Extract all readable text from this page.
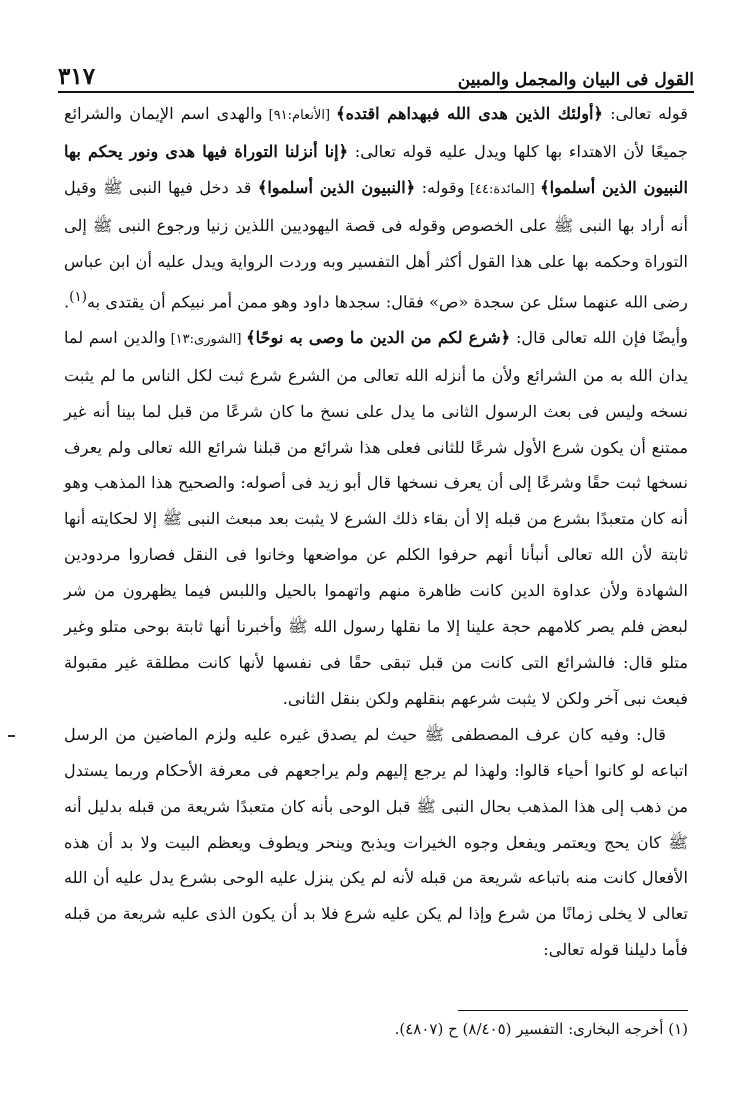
٣١٧	القول فى البيان والمجمل والمبين

قوله تعالى: ﴿أولئك الذين هدى الله فبهداهم اقتده﴾ [الأنعام:٩١] والهدى اسم الإيمان والشرائع جميعًا لأن الاهتداء بها كلها ويدل عليه قوله تعالى: ﴿إنا أنزلنا التوراة فيها هدى ونور يحكم بها النبيون الذين أسلموا﴾ [المائدة:٤٤] وقوله: ﴿النبيون الذين أسلموا﴾ قد دخل فيها النبى ﷺ وقيل أنه أراد بها النبى ﷺ على الخصوص وقوله فى قصة اليهوديين اللذين زنيا ورجوع النبى ﷺ إلى التوراة وحكمه بها على هذا القول أكثر أهل التفسير وبه وردت الرواية ويدل عليه أن ابن عباس رضى الله عنهما سئل عن سجدة «ص» فقال: سجدها داود وهو ممن أمر نبيكم أن يقتدى به$^{(١)}$. وأيضًا فإن الله تعالى قال: ﴿شرع لكم من الدين ما وصى به نوحًا﴾ [الشورى:١٣] والدين اسم لما يدان الله به من الشرائع ولأن ما أنزله الله تعالى من الشرع شرع ثبت لكل الناس ما لم يثبت نسخه وليس فى بعث الرسول الثانى ما يدل على نسخ ما كان شرعًا من قبل لما بينا أنه غير ممتنع أن يكون شرع الأول شرعًا للثانى فعلى هذا شرائع من قبلنا شرائع الله تعالى ولم يعرف نسخها ثبت حقًا وشرعًا إلى أن يعرف نسخها قال أبو زيد فى أصوله: والصحيح هذا المذهب وهو أنه كان متعبدًا بشرع من قبله إلا أن بقاء ذلك الشرع لا يثبت بعد مبعث النبى ﷺ إلا لحكايته أنها ثابتة لأن الله تعالى أنبأنا أنهم حرفوا الكلم عن مواضعها وخانوا فى النقل فصاروا مردودين الشهادة ولأن عداوة الدين كانت ظاهرة منهم واتهموا بالحيل واللبس فيما يظهرون من شر لبعض فلم يصر كلامهم حجة علينا إلا ما نقلها رسول الله ﷺ وأخبرنا أنها ثابتة بوحى متلو وغير متلو قال: فالشرائع التى كانت من قبل تبقى حقًا فى نفسها لأنها كانت مطلقة غير مقبولة فبعث نبى آخر ولكن لا يثبت شرعهم بنقلهم ولكن بنقل الثانى.

قال: وفيه كان عرف المصطفى ﷺ حيث لم يصدق غيره عليه ولزم الماضين من الرسل اتباعه لو كانوا أحياء قالوا: ولهذا لم يرجع إليهم ولم يراجعهم فى معرفة الأحكام وربما يستدل من ذهب إلى هذا المذهب بحال النبى ﷺ قبل الوحى بأنه كان متعبدًا شريعة من قبله بدليل أنه ﷺ كان يحج ويعتمر ويفعل وجوه الخيرات ويذبح وينحر ويطوف ويعظم البيت ولا بد أن هذه الأفعال كانت منه باتباعه شريعة من قبله لأنه لم يكن ينزل عليه الوحى بشرع يدل عليه أن الله تعالى لا يخلى زمانًا من شرع وإذا لم يكن عليه شرع فلا بد أن يكون الذى عليه شريعة من قبله فأما دليلنا قوله تعالى:

(١) أخرجه البخارى: التفسير (٨/٤٠٥) ح (٤٨٠٧).
